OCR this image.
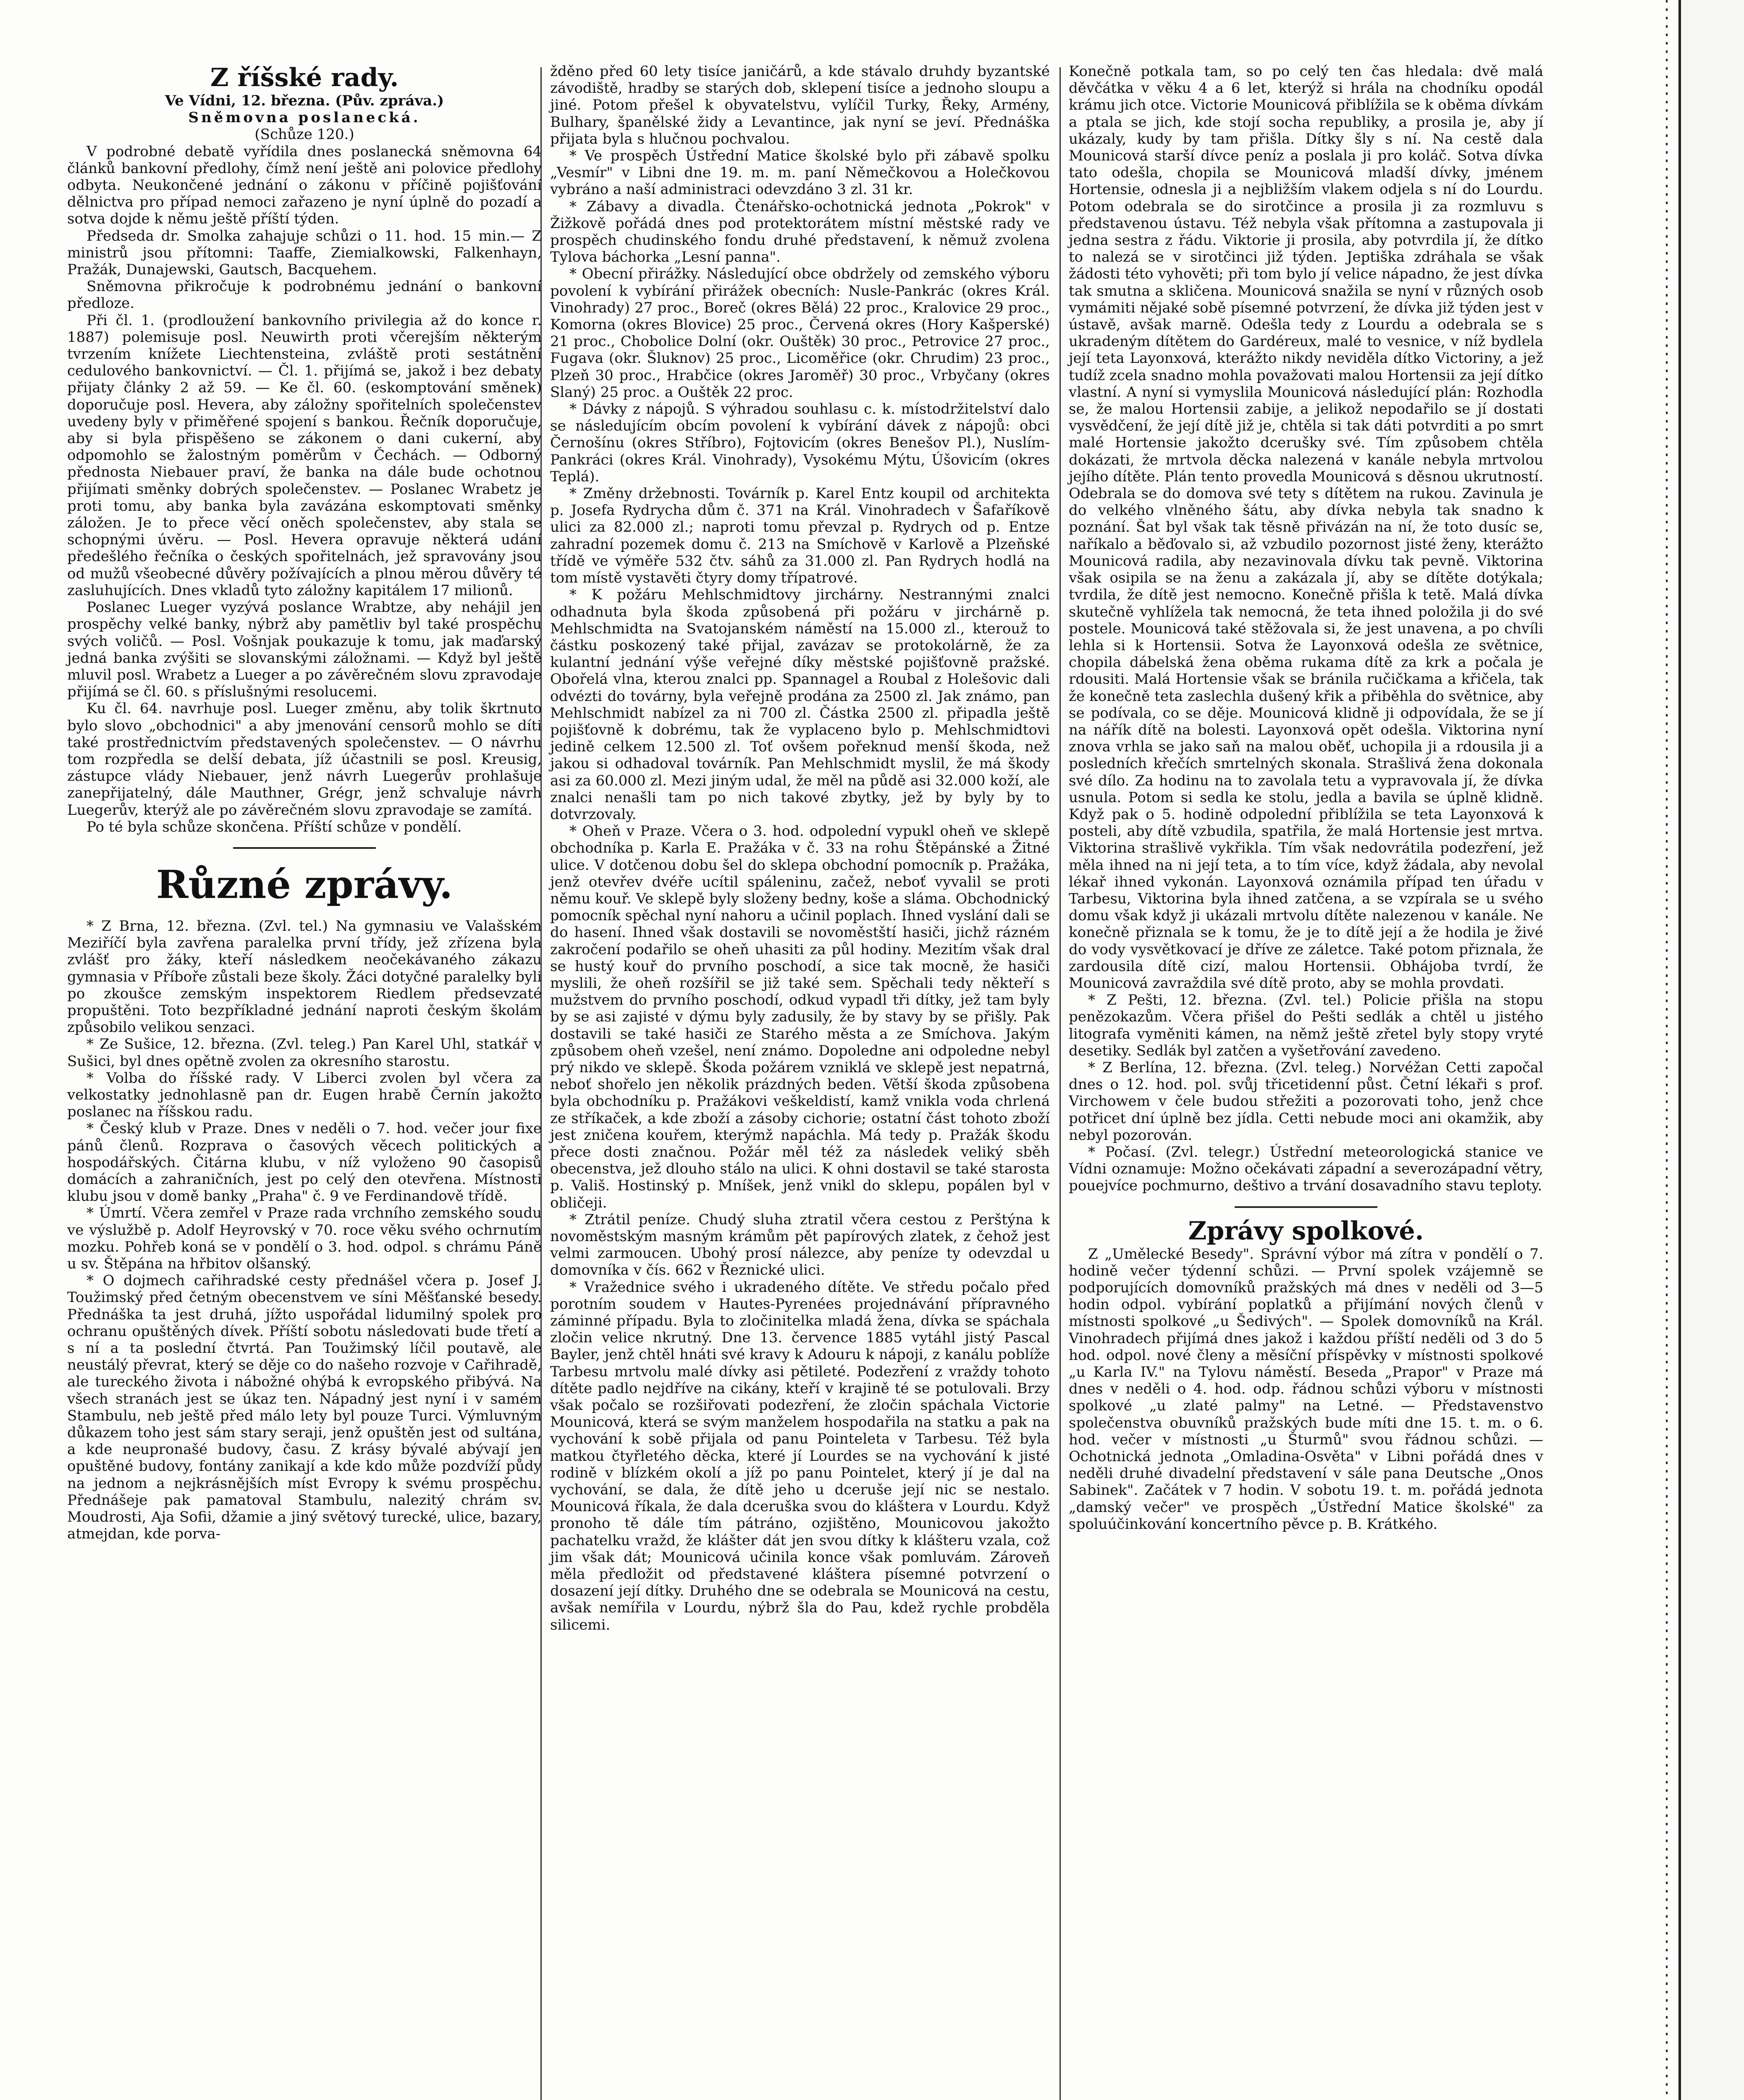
Z říšské rady.
Ve Vídni, 12. března. (Pův. zpráva.)
Sněmovna poslanecká.
(Schůze 120.)

V podrobné debatě vyřídila dnes poslanecká sněmovna 64 článků bankovní předlohy, čímž není ještě ani polovice předlohy odbyta. Neukončené jednání o zákonu v příčině pojišťování dělnictva pro případ nemoci zařazeno je nyní úplně do pozadí a sotva dojde k němu ještě příští týden.

Předseda dr. Smolka zahajuje schůzi o 11. hod. 15 min.— Z ministrů jsou přítomni: Taaffe, Ziemialkowski, Falkenhayn, Pražák, Dunajewski, Gautsch, Bacquehem.

Sněmovna přikročuje k podrobnému jednání o bankovní předloze.

Při čl. 1. (prodloužení bankovního privilegia až do konce r. 1887) polemisuje posl. Neuwirth proti včerejším některým tvrzením knížete Liechtensteina, zvláště proti sestátnění cedulového bankovnictví. — Čl. 1. přijímá se, jakož i bez debaty přijaty články 2 až 59. — Ke čl. 60. (eskomptování směnek) doporučuje posl. Hevera, aby záložny spořitelních společenstev uvedeny byly v přiměřené spojení s bankou. Řečník doporučuje, aby si byla přispěšeno se zákonem o dani cukerní, aby odpomohlo se žalostným poměrům v Čechách. — Odborný přednosta Niebauer praví, že banka na dále bude ochotnou přijímati směnky dobrých společenstev. — Poslanec Wrabetz je proti tomu, aby banka byla zavázána eskomptovati směnky záložen. Je to přece věcí oněch společenstev, aby stala se schopnými úvěru. — Posl. Hevera opravuje některá udání předešlého řečníka o českých spořitelnách, jež spravovány jsou od mužů všeobecné důvěry požívajících a plnou měrou důvěry té zasluhujících. Dnes vkladů tyto záložny kapitálem 17 milionů.

Poslanec Lueger vyzývá poslance Wrabtze, aby nehájil jen prospěchy velké banky, nýbrž aby pamětliv byl také prospěchu svých voličů. — Posl. Vošnjak poukazuje k tomu, jak maďarský jedná banka zvýšiti se slovanskými záložnami. — Když byl ještě mluvil posl. Wrabetz a Lueger a po závěrečném slovu zpravodaje přijímá se čl. 60. s příslušnými resolucemi.

Ku čl. 64. navrhuje posl. Lueger změnu, aby tolik škrtnuto bylo slovo „obchodnici" a aby jmenování censorů mohlo se díti také prostřednictvím představených společenstev. — O návrhu tom rozpředla se delší debata, jíž účastnili se posl. Kreusig, zástupce vlády Niebauer, jenž návrh Luegerův prohlašuje zanepřijatelný, dále Mauthner, Grégr, jenž schvaluje návrh Luegerův, kterýž ale po závěrečném slovu zpravodaje se zamítá.

Po té byla schůze skončena. Příští schůze v pondělí.

Různé zprávy.

* Z Brna, 12. března. (Zvl. tel.) Na gymnasiu ve Valašském Meziříčí byla zavřena paralelka první třídy, jež zřízena byla zvlášť pro žáky, kteří následkem neočekávaného zákazu gymnasia v Příboře zůstali beze školy. Žáci dotyčné paralelky byli po zkoušce zemským inspektorem Riedlem předsevzaté propuštěni. Toto bezpříkladné jednání naproti českým školám způsobilo velikou senzaci.

* Ze Sušice, 12. března. (Zvl. teleg.) Pan Karel Uhl, statkář v Sušici, byl dnes opětně zvolen za okresního starostu.

* Volba do říšské rady. V Liberci zvolen byl včera za velkostatky jednohlasně pan dr. Eugen hrabě Černín jakožto poslanec na říšskou radu.

* Český klub v Praze. Dnes v neděli o 7. hod. večer jour fixe pánů členů. Rozprava o časových věcech politických a hospodářských. Čitárna klubu, v níž vyloženo 90 časopisů domácích a zahraničních, jest po celý den otevřena. Místnosti klubu jsou v domě banky „Praha" č. 9 ve Ferdinandově třídě.

* Úmrtí. Včera zemřel v Praze rada vrchního zemského soudu ve výslužbě p. Adolf Heyrovský v 70. roce věku svého ochrnutím mozku. Pohřeb koná se v pondělí o 3. hod. odpol. s chrámu Páně u sv. Štěpána na hřbitov olšanský.

* O dojmech cařihradské cesty přednášel včera p. Josef J. Toužimský před četným obecenstvem ve síni Měšťanské besedy. Přednáška ta jest druhá, jížto uspořádal lidumilný spolek pro ochranu opuštěných dívek. Příští sobotu následovati bude třetí a s ní a ta poslední čtvrtá. Pan Toužimský líčil poutavě, ale neustálý převrat, který se děje co do našeho rozvoje v Cařihradě, ale tureckého života i nábožné ohýbá k evropského přibývá. Na všech stranách jest se úkaz ten. Nápadný jest nyní i v samém Stambulu, neb ještě před málo lety byl pouze Turci. Výmluvným důkazem toho jest sám stary seraji, jenž opuštěn jest od sultána, a kde neupronašé budovy, času. Z krásy bývalé abývají jen opuštěné budovy, fontány zanikají a kde kdo může pozdvíží půdy na jednom a nejkrásnějších míst Evropy k svému prospěchu. Přednášeje pak pamatoval Stambulu, nalezitý chrám sv. Moudrosti, Aja Sofii, džamie a jiný světový turecké, ulice, bazary, atmejdan, kde porva-

žděno před 60 lety tisíce janičárů, a kde stávalo druhdy byzantské závodiště, hradby se starých dob, sklepení tisíce a jednoho sloupu a jiné. Potom přešel k obyvatelstvu, vylíčil Turky, Řeky, Armény, Bulhary, španělské židy a Levantince, jak nyní se jeví. Přednáška přijata byla s hlučnou pochvalou.

* Ve prospěch Ústřední Matice školské bylo při zábavě spolku „Vesmír" v Libni dne 19. m. m. paní Němečkovou a Holečkovou vybráno a naší administraci odevzdáno 3 zl. 31 kr.

* Zábavy a divadla. Čtenářsko-ochotnická jednota „Pokrok" v Žižkově pořádá dnes pod protektorátem místní městské rady ve prospěch chudinského fondu druhé představení, k němuž zvolena Tylova báchorka „Lesní panna".

* Obecní přirážky. Následující obce obdržely od zemského výboru povolení k vybírání přirážek obecních: Nusle-Pankrác (okres Král. Vinohrady) 27 proc., Boreč (okres Bělá) 22 proc., Kralovice 29 proc., Komorna (okres Blovice) 25 proc., Červená okres (Hory Kašperské) 21 proc., Chobolice Dolní (okr. Ouštěk) 30 proc., Petrovice 27 proc., Fugava (okr. Šluknov) 25 proc., Licoměřice (okr. Chrudim) 23 proc., Plzeň 30 proc., Hrabčice (okres Jaroměř) 30 proc., Vrbyčany (okres Slaný) 25 proc. a Ouštěk 22 proc.

* Dávky z nápojů. S výhradou souhlasu c. k. místodržitelství dalo se následujícím obcím povolení k vybírání dávek z nápojů: obci Černošínu (okres Stříbro), Fojtovicím (okres Benešov Pl.), Nuslím-Pankráci (okres Král. Vinohrady), Vysokému Mýtu, Úšovicím (okres Teplá).

* Změny držebnosti. Továrník p. Karel Entz koupil od architekta p. Josefa Rydrycha dům č. 371 na Král. Vinohradech v Šafaříkově ulici za 82.000 zl.; naproti tomu převzal p. Rydrych od p. Entze zahradní pozemek domu č. 213 na Smíchově v Karlově a Plzeňské třídě ve výměře 532 čtv. sáhů za 31.000 zl. Pan Rydrych hodlá na tom místě vystavěti čtyry domy třípatrové.

* K požáru Mehlschmidtovy jirchárny. Nestrannými znalci odhadnuta byla škoda způsobená při požáru v jirchárně p. Mehlschmidta na Svatojanském náměstí na 15.000 zl., kterouž to částku poskozený také přijal, zavázav se protokolárně, že za kulantní jednání výše veřejné díky městské pojišťovně pražské. Obořelá vlna, kterou znalci pp. Spannagel a Roubal z Holešovic dali odvézti do továrny, byla veřejně prodána za 2500 zl. Jak známo, pan Mehlschmidt nabízel za ni 700 zl. Částka 2500 zl. připadla ještě pojišťovně k dobrému, tak že vyplaceno bylo p. Mehlschmidtovi jedině celkem 12.500 zl. Toť ovšem pořeknud menší škoda, než jakou si odhadoval továrník. Pan Mehlschmidt myslil, že má škody asi za 60.000 zl. Mezi jiným udal, že měl na půdě asi 32.000 koží, ale znalci nenašli tam po nich takové zbytky, jež by byly by to dotvrzovaly.

* Oheň v Praze. Včera o 3. hod. odpolední vypukl oheň ve sklepě obchodníka p. Karla E. Pražáka v č. 33 na rohu Štěpánské a Žitné ulice. V dotčenou dobu šel do sklepa obchodní pomocník p. Pražáka, jenž otevřev dvéře ucítil spáleninu, začež, neboť vyvalil se proti němu kouř. Ve sklepě byly složeny bedny, koše a sláma. Obchodnický pomocník spěchal nyní nahoru a učinil poplach. Ihned vyslání dali se do hasení. Ihned však dostavili se novoměstští hasiči, jichž rázném zakročení podařilo se oheň uhasiti za půl hodiny. Mezitím však dral se hustý kouř do prvního poschodí, a sice tak mocně, že hasiči myslili, že oheň rozšířil se již také sem. Spěchali tedy někteří s mužstvem do prvního poschodí, odkud vypadl tři dítky, jež tam byly by se asi zajisté v dýmu byly zadusily, že by stavy by se přišly. Pak dostavili se také hasiči ze Starého města a ze Smíchova. Jakým způsobem oheň vzešel, není známo. Dopoledne ani odpoledne nebyl prý nikdo ve sklepě. Škoda požárem vzniklá ve sklepě jest nepatrná, neboť shořelo jen několik prázdných beden. Větší škoda způsobena byla obchodníku p. Pražákovi veškeldistí, kamž vnikla voda chrlená ze stříkaček, a kde zboží a zásoby cichorie; ostatní část tohoto zboží jest zničena kouřem, kterýmž napáchla. Má tedy p. Pražák škodu přece dosti značnou. Požár měl též za následek veliký sběh obecenstva, jež dlouho stálo na ulici. K ohni dostavil se také starosta p. Vališ. Hostinský p. Mníšek, jenž vnikl do sklepu, popálen byl v obličeji.

* Ztrátil peníze. Chudý sluha ztratil včera cestou z Perštýna k novoměstským masným krámům pět papírových zlatek, z čehož jest velmi zarmoucen. Ubohý prosí nálezce, aby peníze ty odevzdal u domovníka v čís. 662 v Řeznické ulici.

* Vražednice svého i ukradeného dítěte. Ve středu počalo před porotním soudem v Hautes-Pyrenées projednávání přípravného záminné případu. Byla to zločinitelka mladá žena, dívka se spáchala zločin velice nkrutný. Dne 13. července 1885 vytáhl jistý Pascal Bayler, jenž chtěl hnáti své kravy k Adouru k nápoji, z kanálu poblíže Tarbesu mrtvolu malé dívky asi pětileté. Podezření z vraždy tohoto dítěte padlo nejdříve na cikány, kteří v krajině té se potulovali. Brzy však počalo se rozšiřovati podezření, že zločin spáchala Victorie Mounicová, která se svým manželem hospodařila na statku a pak na vychování k sobě přijala od panu Pointeleta v Tarbesu. Též byla matkou čtyřletého děcka, které jí Lourdes se na vychování k jisté rodině v blízkém okolí a jíž po panu Pointelet, který jí je dal na vychování, se dala, že dítě jeho u dceruše její nic se nestalo. Mounicová říkala, že dala dceruška svou do kláštera v Lourdu. Když pronoho tě dále tím pátráno, ozjištěno, Mounicovou jakožto pachatelku vražd, že klášter dát jen svou dítky k klášteru vzala, což jim však dát; Mounicová učinila konce však pomluvám. Zároveň měla předložit od představené kláštera písemné potvrzení o dosazení její dítky. Druhého dne se odebrala se Mounicová na cestu, avšak nemířila v Lourdu, nýbrž šla do Pau, kdež rychle probděla silicemi.

Konečně potkala tam, so po celý ten čas hledala: dvě malá děvčátka v věku 4 a 6 let, kterýž si hrála na chodníku opodál krámu jich otce. Victorie Mounicová přiblížila se k oběma dívkám a ptala se jich, kde stojí socha republiky, a prosila je, aby jí ukázaly, kudy by tam přišla. Dítky šly s ní. Na cestě dala Mounicová starší dívce peníz a poslala ji pro koláč. Sotva dívka tato odešla, chopila se Mounicová mladší dívky, jménem Hortensie, odnesla ji a nejbližším vlakem odjela s ní do Lourdu. Potom odebrala se do sirotčince a prosila ji za rozmluvu s představenou ústavu. Též nebyla však přítomna a zastupovala ji jedna sestra z řádu. Viktorie ji prosila, aby potvrdila jí, že dítko to nalezá se v sirotčinci již týden. Jeptiška zdráhala se však žádosti této vyhověti; při tom bylo jí velice nápadno, že jest dívka tak smutna a skličena. Mounicová snažila se nyní v různých osob vymámiti nějaké sobě písemné potvrzení, že dívka již týden jest v ústavě, avšak marně. Odešla tedy z Lourdu a odebrala se s ukradeným dítětem do Gardéreux, malé to vesnice, v níž bydlela její teta Layonxová, kterážto nikdy neviděla dítko Victoriny, a jež tudíž zcela snadno mohla považovati malou Hortensii za její dítko vlastní. A nyní si vymyslila Mounicová následující plán: Rozhodla se, že malou Hortensii zabije, a jelikož nepodařilo se jí dostati vysvědčení, že její dítě již je, chtěla si tak dáti potvrditi a po smrt malé Hortensie jakožto dcerušky své. Tím způsobem chtěla dokázati, že mrtvola děcka nalezená v kanále nebyla mrtvolou jejího dítěte. Plán tento provedla Mounicová s děsnou ukrutností. Odebrala se do domova své tety s dítětem na rukou. Zavinula je do velkého vlněného šátu, aby dívka nebyla tak snadno k poznání. Šat byl však tak těsně přivázán na ní, že toto dusíc se, naříkalo a běďovalo si, až vzbudilo pozornost jisté ženy, kterážto Mounicová radila, aby nezavinovala dívku tak pevně. Viktorina však osipila se na ženu a zakázala jí, aby se dítěte dotýkala; tvrdila, že dítě jest nemocno. Konečně přišla k tetě. Malá dívka skutečně vyhlížela tak nemocná, že teta ihned položila ji do své postele. Mounicová také stěžovala si, že jest unavena, a po chvíli lehla si k Hortensii. Sotva že Layonxová odešla ze světnice, chopila dábelská žena oběma rukama dítě za krk a počala je rdousiti. Malá Hortensie však se bránila ručičkama a křičela, tak že konečně teta zaslechla dušený křik a přiběhla do světnice, aby se podívala, co se děje. Mounicová klidně ji odpovídala, že se jí na nářík dítě na bolesti. Layonxová opět odešla. Viktorina nyní znova vrhla se jako saň na malou oběť, uchopila ji a rdousila ji a posledních křečích smrtelných skonala. Strašlivá žena dokonala své dílo. Za hodinu na to zavolala tetu a vypravovala jí, že dívka usnula. Potom si sedla ke stolu, jedla a bavila se úplně klidně. Když pak o 5. hodině odpolední přiblížila se teta Layonxová k posteli, aby dítě vzbudila, spatřila, že malá Hortensie jest mrtva. Viktorina strašlivě vykřikla. Tím však nedovrátila podezření, jež měla ihned na ni její teta, a to tím více, když žádala, aby nevolal lékař ihned vykonán. Layonxová oznámila případ ten úřadu v Tarbesu, Viktorina byla ihned zatčena, a se vzpírala se u svého domu však když ji ukázali mrtvolu dítěte nalezenou v kanále. Ne konečně přiznala se k tomu, že je to dítě její a že hodila je živé do vody vysvětkovací je dříve ze záletce. Také potom přiznala, že zardousila dítě cizí, malou Hortensii. Obhájoba tvrdí, že Mounicová zavraždila své dítě proto, aby se mohla provdati.

* Z Pešti, 12. března. (Zvl. tel.) Policie přišla na stopu penězokazům. Včera přišel do Pešti sedlák a chtěl u jistého litografa vyměniti kámen, na němž ještě zřetel byly stopy vryté desetiky. Sedlák byl zatčen a vyšetřování zavedeno.

* Z Berlína, 12. března. (Zvl. teleg.) Norvéžan Cetti započal dnes o 12. hod. pol. svůj třicetidenní půst. Četní lékaři s prof. Virchowem v čele budou střežiti a pozorovati toho, jenž chce potřicet dní úplně bez jídla. Cetti nebude moci ani okamžik, aby nebyl pozorován.

* Počasí. (Zvl. telegr.) Ústřední meteorologická stanice ve Vídni oznamuje: Možno očekávati západní a severozápadní větry, pouejvíce pochmurno, deštivo a trvání dosavadního stavu teploty.

Zprávy spolkové.

Z „Umělecké Besedy". Správní výbor má zítra v pondělí o 7. hodině večer týdenní schůzi. — První spolek vzájemně se podporujících domovníků pražských má dnes v neděli od 3—5 hodin odpol. vybírání poplatků a přijímání nových členů v místnosti spolkové „u Šedivých". — Spolek domovníků na Král. Vinohradech přijímá dnes jakož i každou příští neděli od 3 do 5 hod. odpol. nové členy a měsíční příspěvky v místnosti spolkové „u Karla IV." na Tylovu náměstí. Beseda „Prapor" v Praze má dnes v neděli o 4. hod. odp. řádnou schůzi výboru v místnosti spolkové „u zlaté palmy" na Letné. — Představenstvo společenstva obuvníků pražských bude míti dne 15. t. m. o 6. hod. večer v místnosti „u Šturmů" svou řádnou schůzi. — Ochotnická jednota „Omladina-Osvěta" v Libni pořádá dnes v neděli druhé divadelní představení v sále pana Deutsche „Onos Sabinek". Začátek v 7 hodin. V sobotu 19. t. m. pořádá jednota „damský večer" ve prospěch „Ústřední Matice školské" za spoluúčinkování koncertního pěvce p. B. Krátkého.
